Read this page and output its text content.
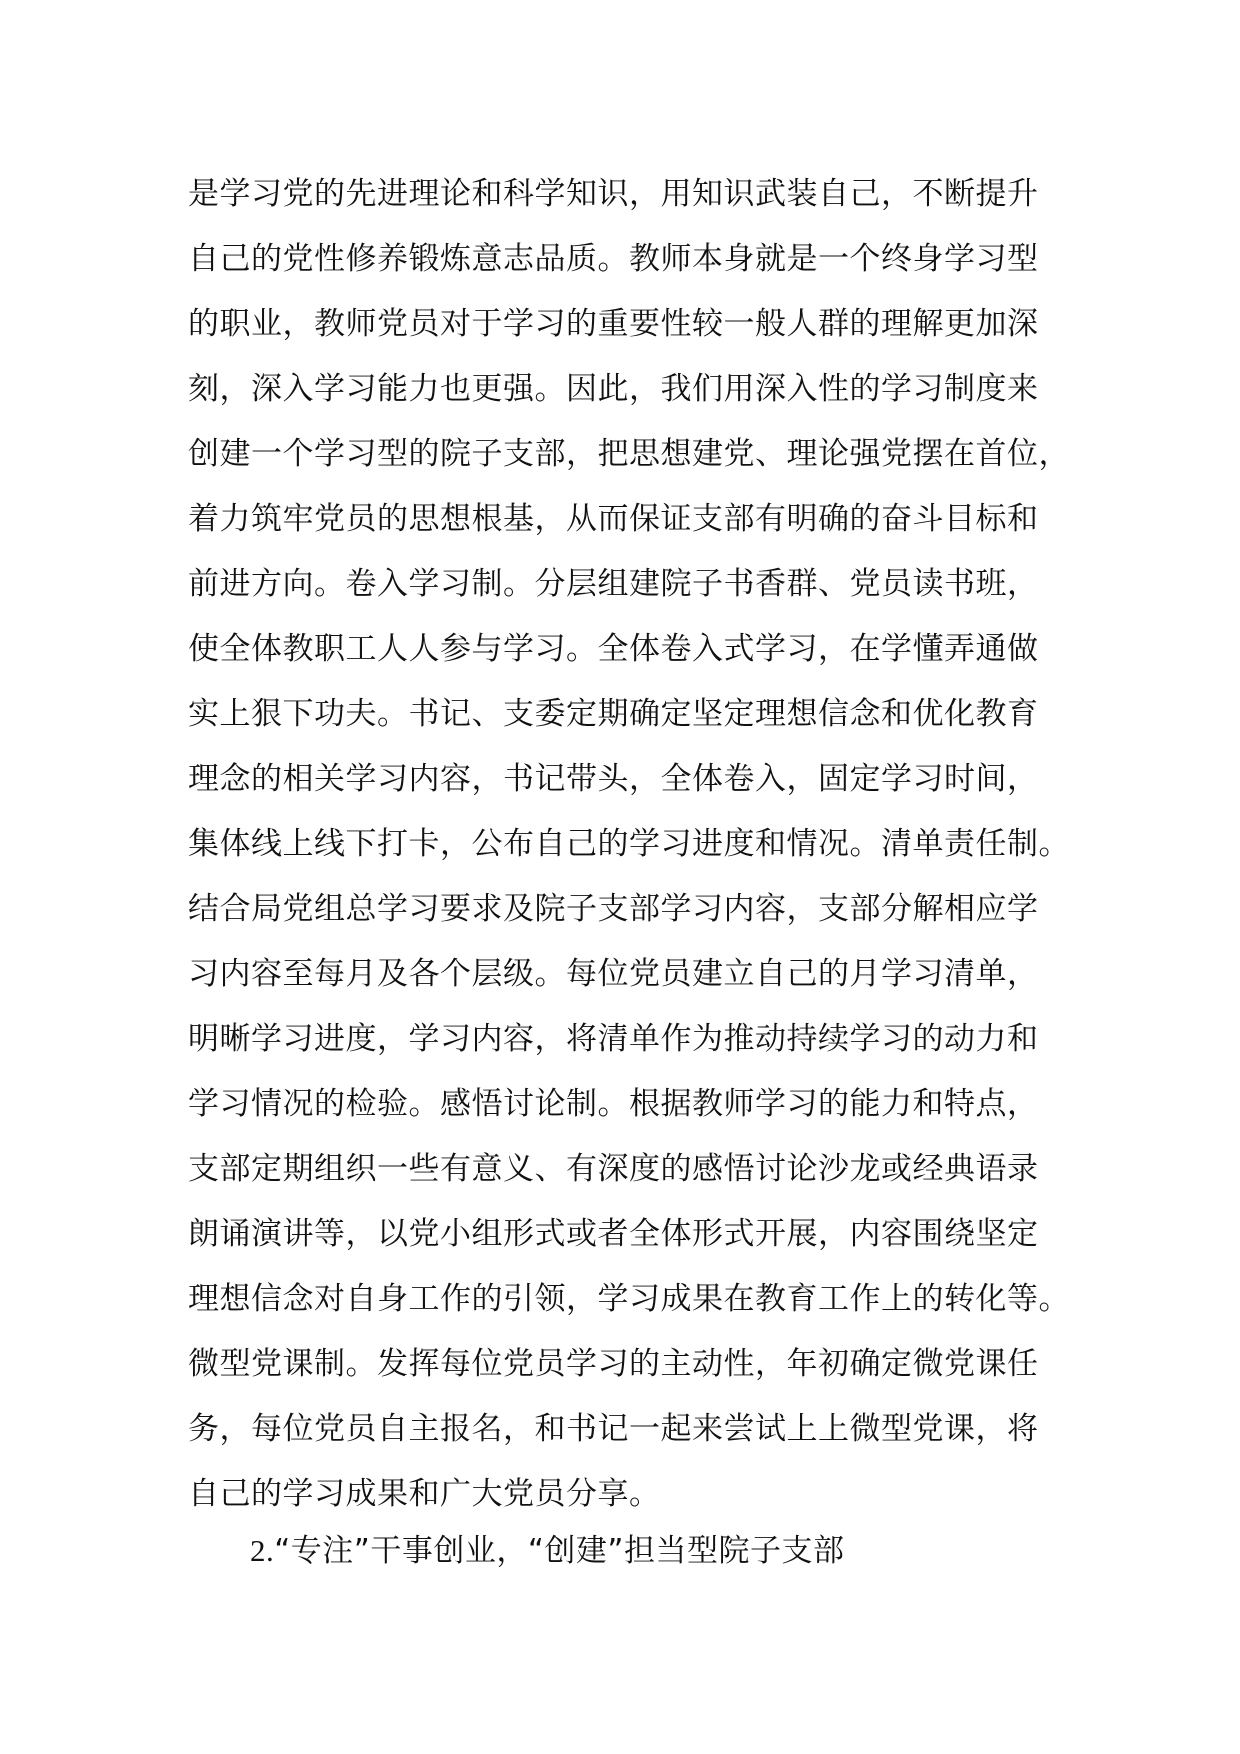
是学习党的先进理论和科学知识，用知识武装自己，不断提升
自己的党性修养锻炼意志品质。教师本身就是一个终身学习型
的职业，教师党员对于学习的重要性较一般人群的理解更加深
刻，深入学习能力也更强。因此，我们用深入性的学习制度来
创建一个学习型的院子支部，把思想建党、理论强党摆在首位，
着力筑牢党员的思想根基，从而保证支部有明确的奋斗目标和
前进方向。卷入学习制。分层组建院子书香群、党员读书班，
使全体教职工人人参与学习。全体卷入式学习，在学懂弄通做
实上狠下功夫。书记、支委定期确定坚定理想信念和优化教育
理念的相关学习内容，书记带头，全体卷入，固定学习时间，
集体线上线下打卡，公布自己的学习进度和情况。清单责任制。
结合局党组总学习要求及院子支部学习内容，支部分解相应学
习内容至每月及各个层级。每位党员建立自己的月学习清单，
明晰学习进度，学习内容，将清单作为推动持续学习的动力和
学习情况的检验。感悟讨论制。根据教师学习的能力和特点，
支部定期组织一些有意义、有深度的感悟讨论沙龙或经典语录
朗诵演讲等，以党小组形式或者全体形式开展，内容围绕坚定
理想信念对自身工作的引领，学习成果在教育工作上的转化等。
微型党课制。发挥每位党员学习的主动性，年初确定微党课任
务，每位党员自主报名，和书记一起来尝试上上微型党课，将
自己的学习成果和广大党员分享。

2.“专注”干事创业，“创建”担当型院子支部
